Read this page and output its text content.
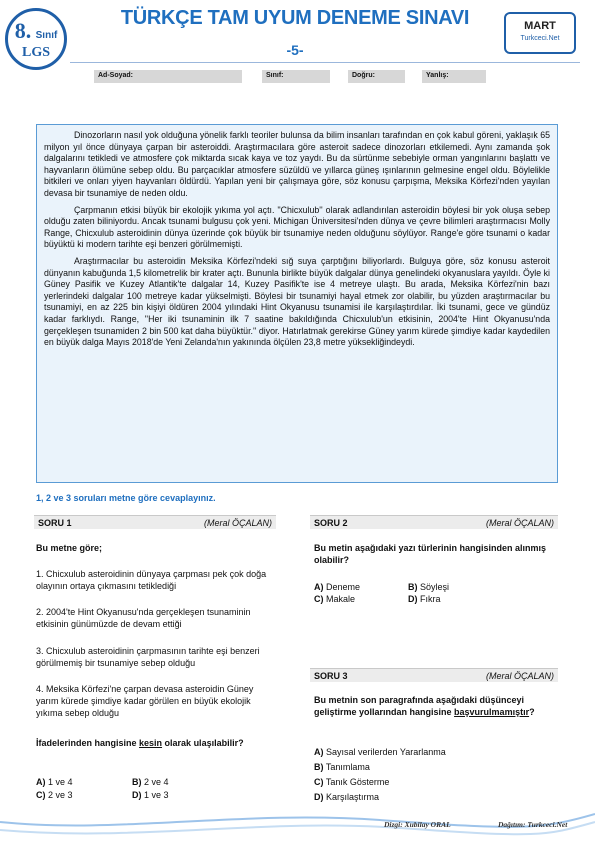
8. Sınıf
LGS
TÜRKÇE TAM UYUM DENEME SINAVI
-5-
MART
Turkceci.Net
Ad-Soyad:	Sınıf:	Doğru:	Yanlış:

Dinozorların nasıl yok olduğuna yönelik farklı teoriler bulunsa da bilim insanları tarafından en çok kabul göreni, yaklaşık 65 milyon yıl önce dünyaya çarpan bir asteroiddi. Araştırmacılara göre asteroit sadece dinozorları etkilemedi. Aynı zamanda şok dalgalarını tetikledi ve atmosfere çok miktarda sıcak kaya ve toz yaydı. Bu da sürtünme sebebiyle orman yangınlarını başlattı ve hayvanların ölümüne sebep oldu. Bu parçacıklar atmosfere süzüldü ve yıllarca güneş ışınlarının gelmesine engel oldu. Böylelikle bitkileri ve onları yiyen hayvanları öldürdü. Yapılan yeni bir çalışmaya göre, söz konusu çarpışma, Meksika Körfezi'nden yayılan devasa bir tsunamiye de neden oldu.

Çarpmanın etkisi büyük bir ekolojik yıkıma yol açtı. ''Chicxulub'' olarak adlandırılan asteroidin böylesi bir yok oluşa sebep olduğu zaten biliniyordu. Ancak tsunami bulgusu çok yeni. Michigan Üniversitesi'nden dünya ve çevre bilimleri araştırmacısı Molly Range, Chicxulub asteroidinin dünya üzerinde çok büyük bir tsunamiye neden olduğunu söylüyor. Range'e göre tsunami o kadar büyüktü ki modern tarihte eşi benzeri görülmemişti.

Araştırmacılar bu asteroidin Meksika Körfezi'ndeki sığ suya çarptığını biliyorlardı. Bulguya göre, söz konusu asteroit dünyanın kabuğunda 1,5 kilometrelik bir krater açtı. Bununla birlikte büyük dalgalar dünya genelindeki okyanuslara yayıldı. Öyle ki Güney Pasifik ve Kuzey Atlantik'te dalgalar 14, Kuzey Pasifik'te ise 4 metreye ulaştı. Bu arada, Meksika Körfezi'nin bazı yerlerindeki dalgalar 100 metreye kadar yükselmişti. Böylesi bir tsunamiyi hayal etmek zor olabilir, bu yüzden araştırmacılar bu tsunamiyi, en az 225 bin kişiyi öldüren 2004 yılındaki Hint Okyanusu tsunamisi ile karşılaştırdılar. İki tsunami, gece ve gündüz kadar farklıydı. Range, ''Her iki tsunaminin ilk 7 saatine bakıldığında Chicxulub'un etkisinin, 2004'te Hint Okyanusu'nda gerçekleşen tsunamiden 2 bin 500 kat daha büyüktür.'' diyor. Hatırlatmak gerekirse Güney yarım kürede şimdiye kadar kaydedilen en büyük dalga Mayıs 2018'de Yeni Zelanda'nın yakınında ölçülen 23,8 metre yüksekliğindeydi.

1, 2 ve 3 soruları metne göre cevaplayınız.
SORU 1	(Meral ÖÇALAN)
Bu metne göre;
1. Chicxulub asteroidinin dünyaya çarpması pek çok doğa olayının ortaya çıkmasını tetiklediği
2. 2004'te Hint Okyanusu'nda gerçekleşen tsunaminin etkisinin günümüzde de devam ettiği
3. Chicxulub asteroidinin çarpmasının tarihte eşi benzeri görülmemiş bir tsunamiye sebep olduğu
4. Meksika Körfezi'ne çarpan devasa asteroidin Güney yarım kürede şimdiye kadar görülen en büyük ekolojik yıkıma sebep olduğu
İfadelerinden hangisine kesin olarak ulaşılabilir?
A) 1 ve 4	B) 2 ve 4
C) 2 ve 3	D) 1 ve 3
SORU 2	(Meral ÖÇALAN)
Bu metin aşağıdaki yazı türlerinin hangisinden alınmış olabilir?
A) Deneme	B) Söyleşi
C) Makale	D) Fıkra
SORU 3	(Meral ÖÇALAN)
Bu metnin son paragrafında aşağıdaki düşünceyi geliştirme yollarından hangisine başvurulmamıştır?
A) Sayısal verilerden Yararlanma
B) Tanımlama
C) Tanık Gösterme
D) Karşılaştırma
Dizgi: Xubilay ORAL	Dağıtım: Turkceci.Net
